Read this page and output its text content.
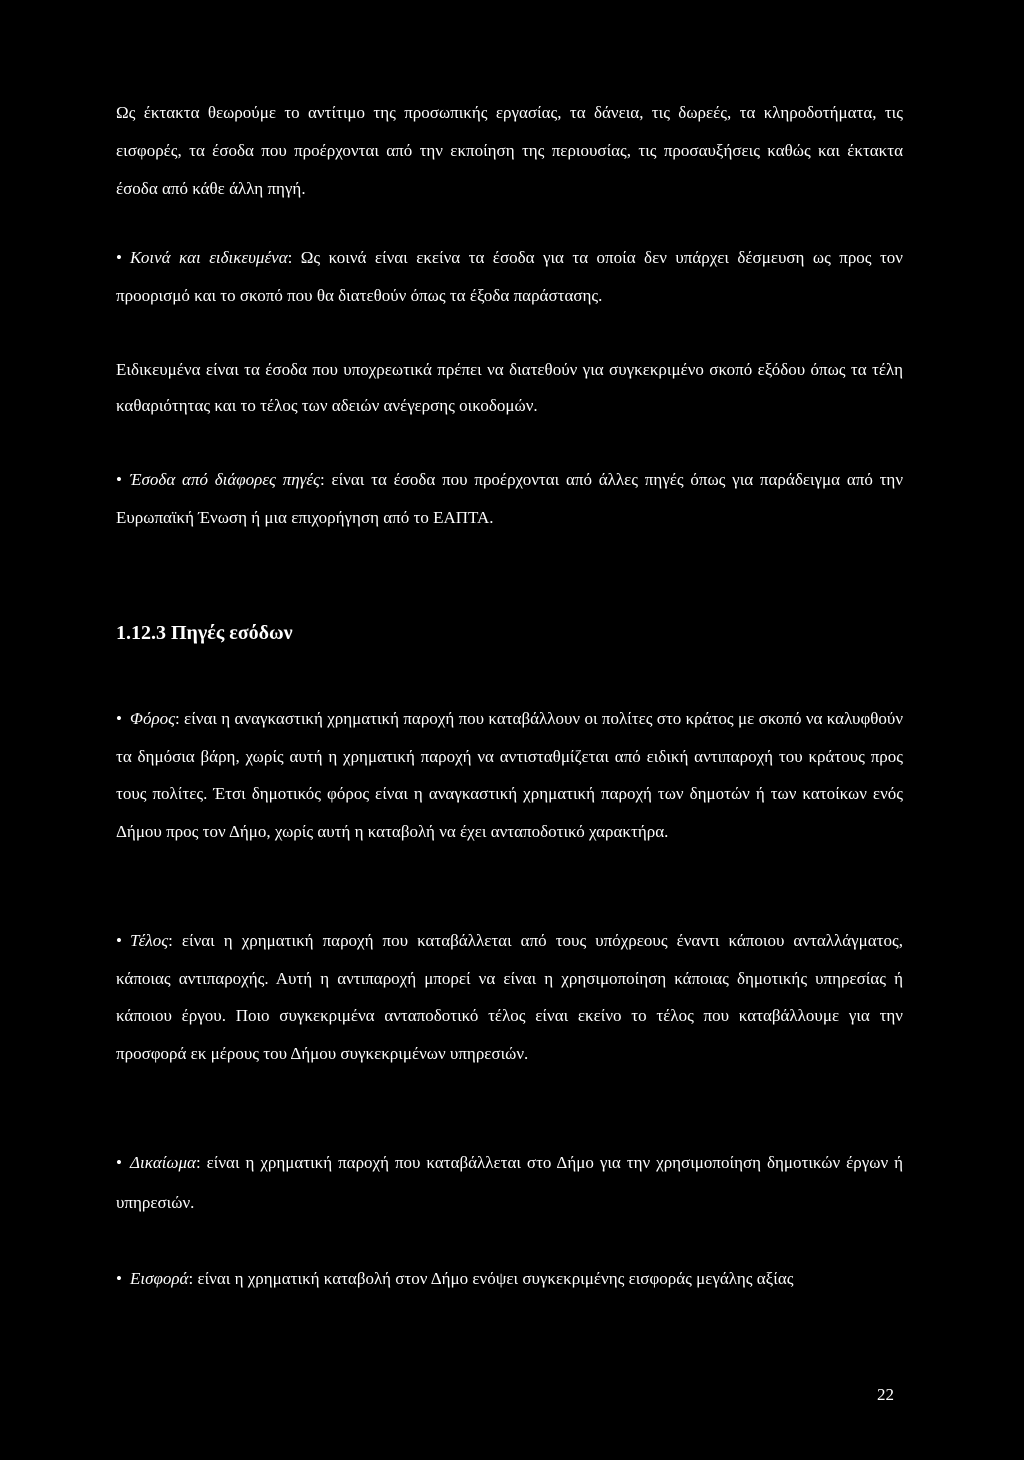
Ως έκτακτα θεωρούμε το αντίτιμο της προσωπικής εργασίας, τα δάνεια, τις δωρεές, τα κληροδοτήματα, τις εισφορές, τα έσοδα που προέρχονται από την εκποίηση της περιουσίας, τις προσαυξήσεις καθώς και έκτακτα έσοδα από κάθε άλλη πηγή.

• Κοινά και ειδικευμένα: Ως κοινά είναι εκείνα τα έσοδα για τα οποία δεν υπάρχει δέσμευση ως προς τον προορισμό και το σκοπό που θα διατεθούν όπως τα έξοδα παράστασης.

Ειδικευμένα είναι τα έσοδα που υποχρεωτικά πρέπει να διατεθούν για συγκεκριμένο σκοπό εξόδου όπως τα τέλη καθαριότητας και το τέλος των αδειών ανέγερσης οικοδομών.

• Έσοδα από διάφορες πηγές: είναι τα έσοδα που προέρχονται από άλλες πηγές όπως για παράδειγμα από την Ευρωπαϊκή Ένωση ή μια επιχορήγηση από το ΕΑΠΤΑ.

1.12.3 Πηγές εσόδων

• Φόρος: είναι η αναγκαστική χρηματική παροχή που καταβάλλουν οι πολίτες στο κράτος με σκοπό να καλυφθούν τα δημόσια βάρη, χωρίς αυτή η χρηματική παροχή να αντισταθμίζεται από ειδική αντιπαροχή του κράτους προς τους πολίτες. Έτσι δημοτικός φόρος είναι η αναγκαστική χρηματική παροχή των δημοτών ή των κατοίκων ενός Δήμου προς τον Δήμο, χωρίς αυτή η καταβολή να έχει ανταποδοτικό χαρακτήρα.

• Τέλος: είναι η χρηματική παροχή που καταβάλλεται από τους υπόχρεους έναντι κάποιου ανταλλάγματος, κάποιας αντιπαροχής. Αυτή η αντιπαροχή μπορεί να είναι η χρησιμοποίηση κάποιας δημοτικής υπηρεσίας ή κάποιου έργου. Ποιο συγκεκριμένα ανταποδοτικό τέλος είναι εκείνο το τέλος που καταβάλλουμε για την προσφορά εκ μέρους του Δήμου συγκεκριμένων υπηρεσιών.

• Δικαίωμα: είναι η χρηματική παροχή που καταβάλλεται στο Δήμο για την χρησιμοποίηση δημοτικών έργων ή υπηρεσιών.

• Εισφορά: είναι η χρηματική καταβολή στον Δήμο ενόψει συγκεκριμένης εισφοράς μεγάλης αξίας

22
